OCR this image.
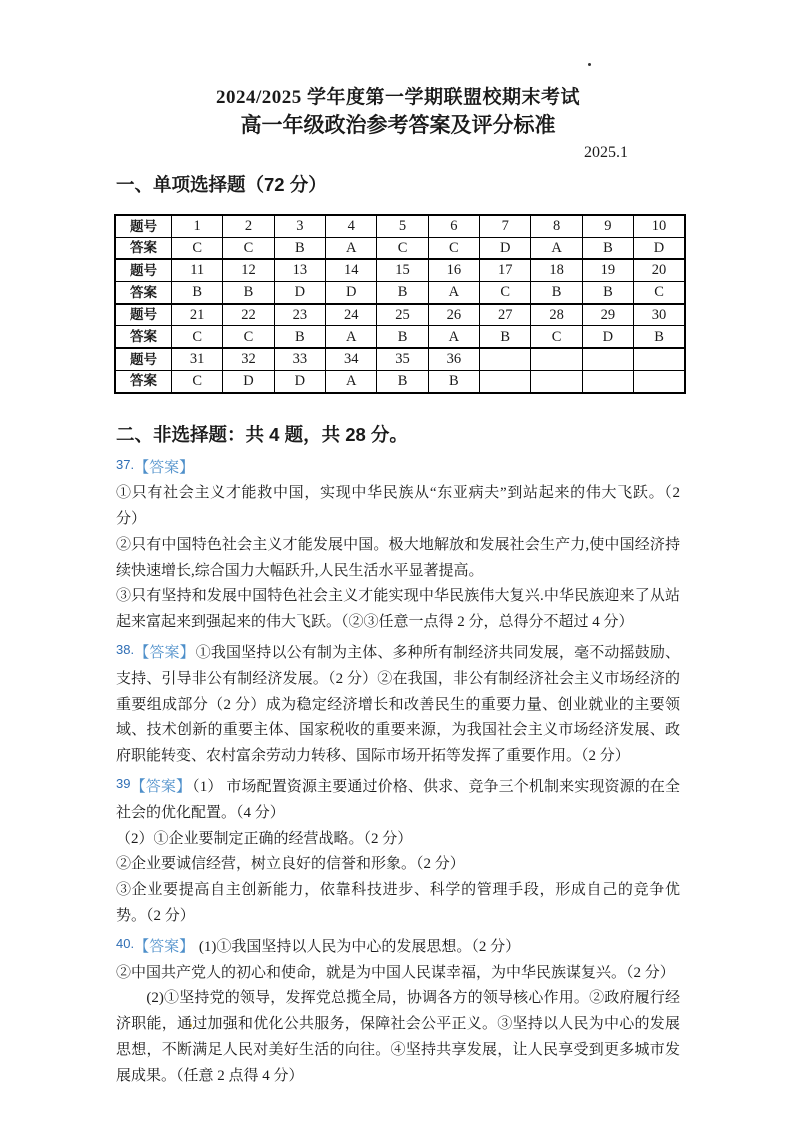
2024/2025 学年度第一学期联盟校期末考试
高一年级政治参考答案及评分标准
2025.1
一、单项选择题（72 分）
题号	1	2	3	4	5	6	7	8	9	10
答案	C	C	B	A	C	C	D	A	B	D
题号	11	12	13	14	15	16	17	18	19	20
答案	B	B	D	D	B	A	C	B	B	C
题号	21	22	23	24	25	26	27	28	29	30
答案	C	C	B	A	B	A	B	C	D	B
题号	31	32	33	34	35	36				
答案	C	D	D	A	B	B				
二、非选择题：共 4 题，共 28 分。
37.【答案】
①只有社会主义才能救中国，实现中华民族从“东亚病夫”到站起来的伟大飞跃。（2 分）
②只有中国特色社会主义才能发展中国。极大地解放和发展社会生产力,使中国经济持续快速增长,综合国力大幅跃升,人民生活水平显著提高。
③只有坚持和发展中国特色社会主义才能实现中华民族伟大复兴.中华民族迎来了从站起来富起来到强起来的伟大飞跃。（②③任意一点得 2 分，总得分不超过 4 分）
38.【答案】①我国坚持以公有制为主体、多种所有制经济共同发展，毫不动摇鼓励、支持、引导非公有制经济发展。（2 分）②在我国，非公有制经济社会主义市场经济的重要组成部分（2 分）成为稳定经济增长和改善民生的重要力量、创业就业的主要领域、技术创新的重要主体、国家税收的重要来源，为我国社会主义市场经济发展、政府职能转变、农村富余劳动力转移、国际市场开拓等发挥了重要作用。（2 分）
39【答案】（1） 市场配置资源主要通过价格、供求、竞争三个机制来实现资源的在全社会的优化配置。（4 分）
（2）①企业要制定正确的经营战略。（2 分）
②企业要诚信经营，树立良好的信誉和形象。（2 分）
③企业要提高自主创新能力，依靠科技进步、科学的管理手段，形成自己的竞争优势。（2 分）
40.【答案】 (1)①我国坚持以人民为中心的发展思想。（2 分）
②中国共产党人的初心和使命，就是为中国人民谋幸福，为中华民族谋复兴。（2 分）
　　(2)①坚持党的领导，发挥党总揽全局，协调各方的领导核心作用。②政府履行经济职能，通过加强和优化公共服务，保障社会公平正义。③坚持以人民为中心的发展思想，不断满足人民对美好生活的向往。④坚持共享发展，让人民享受到更多城市发展成果。（任意 2 点得 4 分）
